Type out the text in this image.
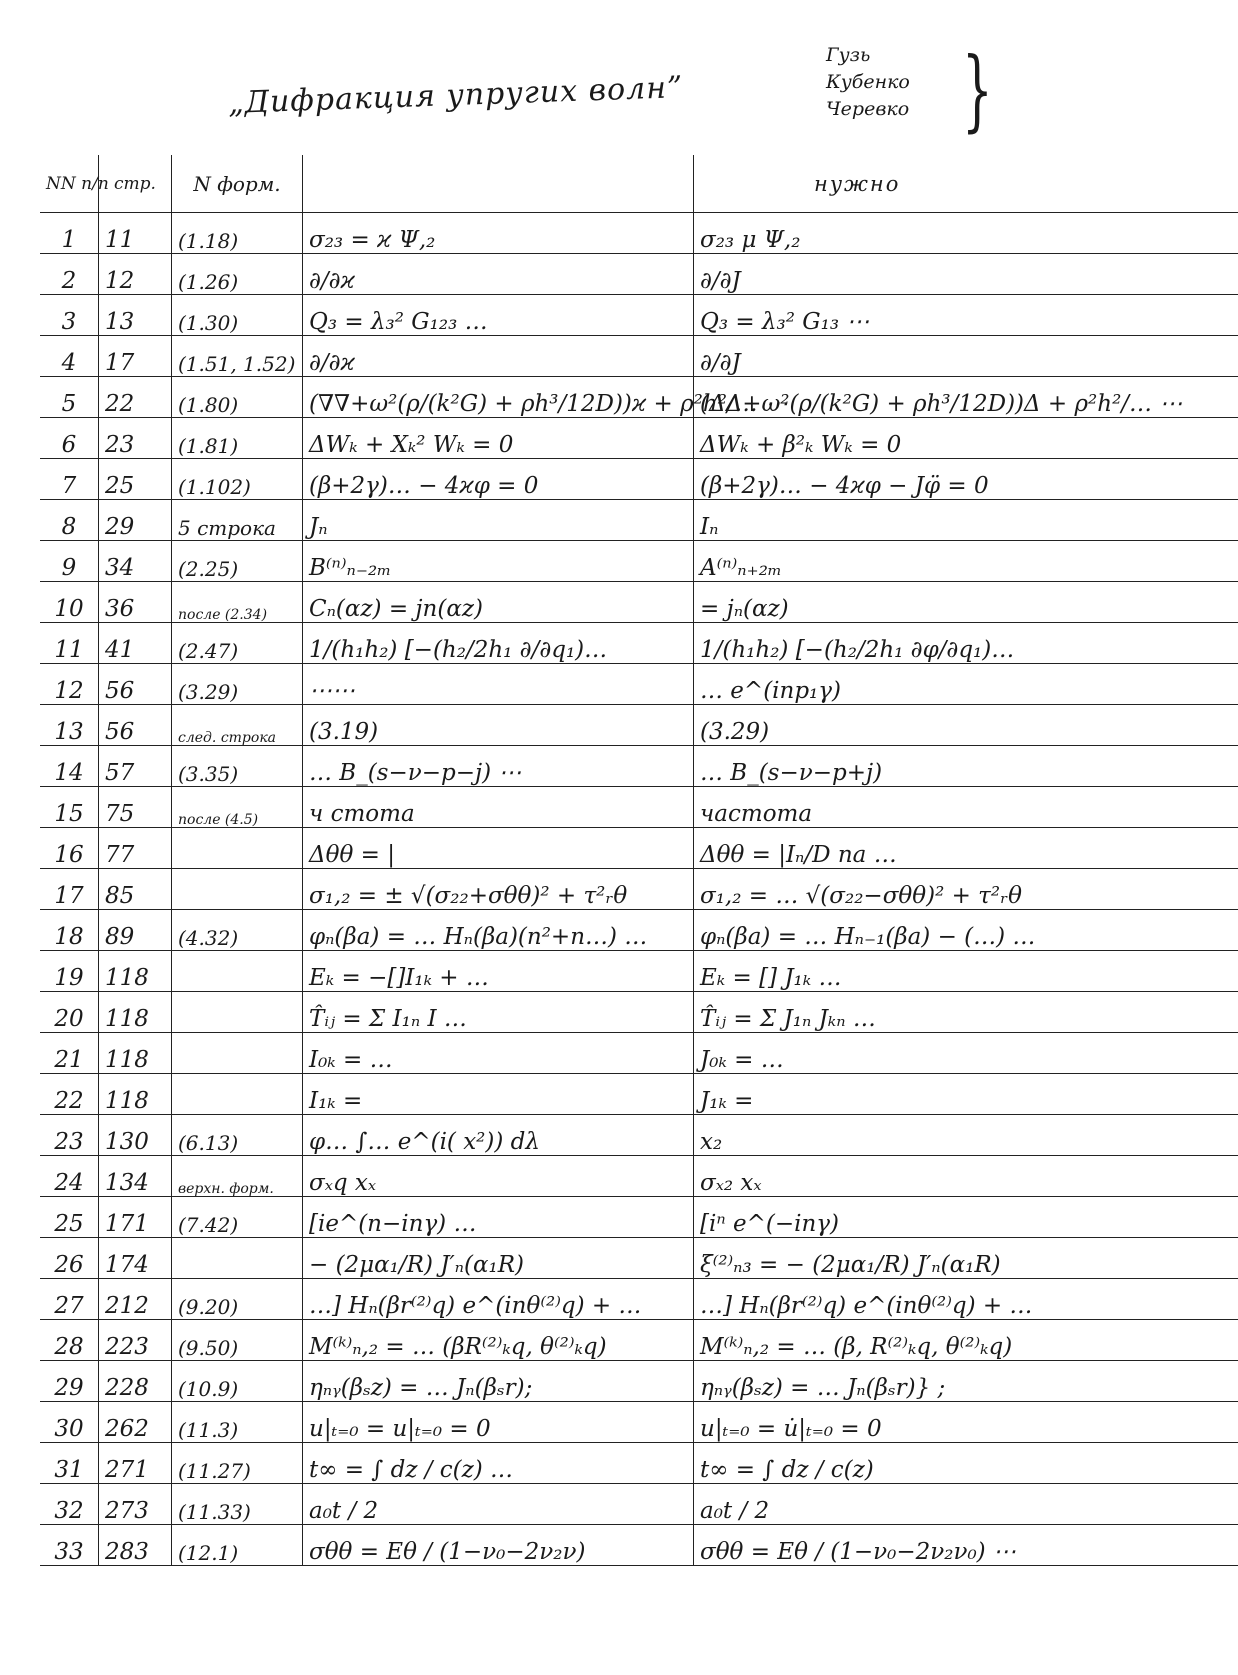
„Дифракция упругих волн”
Гузь
Кубенко
Черевко }
NN п/п	стр.	N форм.		нужно
1	11	(1.18)	σ₂₃ = ϰ Ψ,₂	σ₂₃ μ Ψ,₂
2	12	(1.26)	∂/∂ϰ	∂/∂J
3	13	(1.30)	Q₃ = λ₃² G₁₂₃ …	Q₃ = λ₃² G₁₃ ⋯
4	17	(1.51, 1.52)	∂/∂ϰ	∂/∂J
5	22	(1.80)	(∇∇+ω²(ρ/(k²G) + ρh³/12D))ϰ + ρ²h²/… ⋯	(ΔΔ+ω²(ρ/(k²G) + ρh³/12D))Δ + ρ²h²/… ⋯
6	23	(1.81)	ΔWₖ + Xₖ² Wₖ = 0	ΔWₖ + β²ₖ Wₖ = 0
7	25	(1.102)	(β+2γ)… − 4ϰφ = 0	(β+2γ)… − 4ϰφ − Jφ̈ = 0
8	29	5 строка	Jₙ	Iₙ
9	34	(2.25)	B⁽ⁿ⁾ₙ₋₂ₘ	A⁽ⁿ⁾ₙ₊₂ₘ
10	36	после (2.34)	Cₙ(αz) = jn(αz)	= jₙ(αz)
11	41	(2.47)	1/(h₁h₂) [−(h₂/2h₁ ∂/∂q₁)…	1/(h₁h₂) [−(h₂/2h₁ ∂φ/∂q₁)…
12	56	(3.29)	⋯⋯	… e^(inp₁γ)
13	56	след. строка	(3.19)	(3.29)
14	57	(3.35)	… B_(s−ν−p−j) ⋯	… B_(s−ν−p+j)
15	75	после (4.5)	ч стота	частота
16	77		Δθθ = |	Δθθ = |Iₙ/D na …
17	85		σ₁,₂ = ± √(σ₂₂+σθθ)² + τ²ᵣθ	σ₁,₂ = … √(σ₂₂−σθθ)² + τ²ᵣθ
18	89	(4.32)	φₙ(βa) = … Hₙ(βa)(n²+n…) …	φₙ(βa) = … Hₙ₋₁(βa) − (…) …
19	118		Eₖ = −[]I₁ₖ + …	Eₖ = [] J₁ₖ …
20	118		T̂ᵢⱼ = Σ I₁ₙ I …	T̂ᵢⱼ = Σ J₁ₙ Jₖₙ …
21	118		I₀ₖ = …	J₀ₖ = …
22	118		I₁ₖ =	J₁ₖ =
23	130	(6.13)	φ… ∫… e^(i( x²)) dλ	x₂
24	134	верхн. форм.	σₓq xₓ	σₓ₂ xₓ
25	171	(7.42)	[ie^(n−inγ) …	[iⁿ e^(−inγ)
26	174		− (2μα₁/R) J′ₙ(α₁R)	ξ⁽²⁾ₙ₃ = − (2μα₁/R) J′ₙ(α₁R)
27	212	(9.20)	…] Hₙ(βr⁽²⁾q) e^(inθ⁽²⁾q) + …	…] Hₙ(βr⁽²⁾q) e^(inθ⁽²⁾q) + …
28	223	(9.50)	M⁽ᵏ⁾ₙ,₂ = … (βR⁽²⁾ₖq, θ⁽²⁾ₖq)	M⁽ᵏ⁾ₙ,₂ = … (β, R⁽²⁾ₖq, θ⁽²⁾ₖq)
29	228	(10.9)	ηₙᵧ(βₛz) = … Jₙ(βₛr);	ηₙᵧ(βₛz) = … Jₙ(βₛr)} ;
30	262	(11.3)	u|ₜ₌₀ = u|ₜ₌₀ = 0	u|ₜ₌₀ = u̇|ₜ₌₀ = 0
31	271	(11.27)	t∞ = ∫ dz / c(z) …	t∞ = ∫ dz / c(z)
32	273	(11.33)	a₀t / 2	a₀t / 2
33	283	(12.1)	σθθ = Eθ / (1−ν₀−2ν₂ν)	σθθ = Eθ / (1−ν₀−2ν₂ν₀) ⋯
